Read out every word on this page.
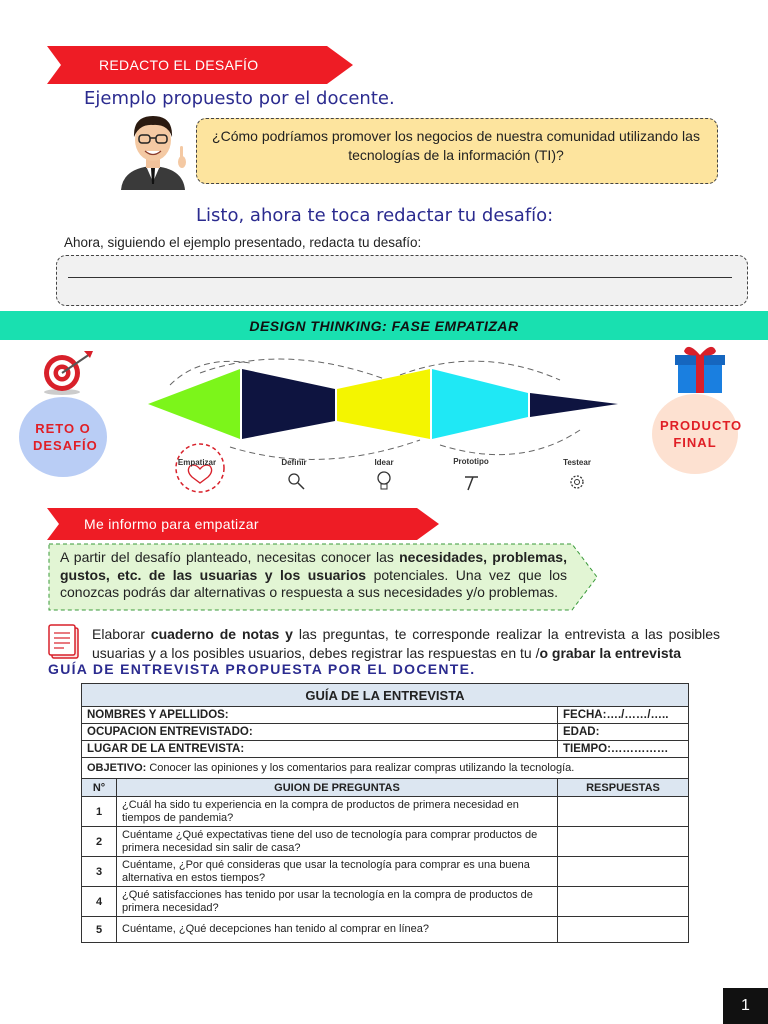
REDACTO EL DESAFÍO
Ejemplo propuesto por el docente.
¿Cómo podríamos promover los negocios de nuestra comunidad utilizando las tecnologías de la información (TI)?
Listo, ahora te toca redactar tu desafío:
Ahora, siguiendo el ejemplo presentado, redacta tu desafío:
DESIGN THINKING: FASE EMPATIZAR
RETO O DESAFÍO
PRODUCTO FINAL
Empatizar	Definir	Idear	Prototipo	Testear
Me informo para empatizar
A partir del desafío planteado, necesitas conocer las necesidades, problemas, gustos, etc. de las usuarias y los usuarios potenciales. Una vez que los conozcas podrás dar alternativas o respuesta a sus necesidades y/o problemas.
Elaborar cuaderno de notas y las preguntas, te corresponde realizar la entrevista a las posibles usuarias y a los posibles usuarios, debes registrar las respuestas en tu /o grabar la entrevista
GUÍA DE ENTREVISTA PROPUESTA POR EL DOCENTE.
GUÍA DE LA ENTREVISTA		
NOMBRES Y APELLIDOS:		FECHA:…./……/…..
OCUPACION ENTREVISTADO:		EDAD:
LUGAR DE LA ENTREVISTA:		TIEMPO:……………
OBJETIVO: Conocer las opiniones y los comentarios para realizar compras utilizando la tecnología.		
N°	GUION DE PREGUNTAS	RESPUESTAS
1	¿Cuál ha sido tu experiencia en la compra de productos de primera necesidad en tiempos de pandemia?	
2	Cuéntame ¿Qué expectativas tiene del uso de tecnología para comprar productos de primera necesidad sin salir de casa?	
3	Cuéntame, ¿Por qué consideras que usar la tecnología para comprar es una buena alternativa en estos tiempos?	
4	¿Qué satisfacciones has tenido por usar la tecnología en la compra de productos de primera necesidad?	
5	Cuéntame, ¿Qué decepciones han tenido al comprar en línea?	
1
